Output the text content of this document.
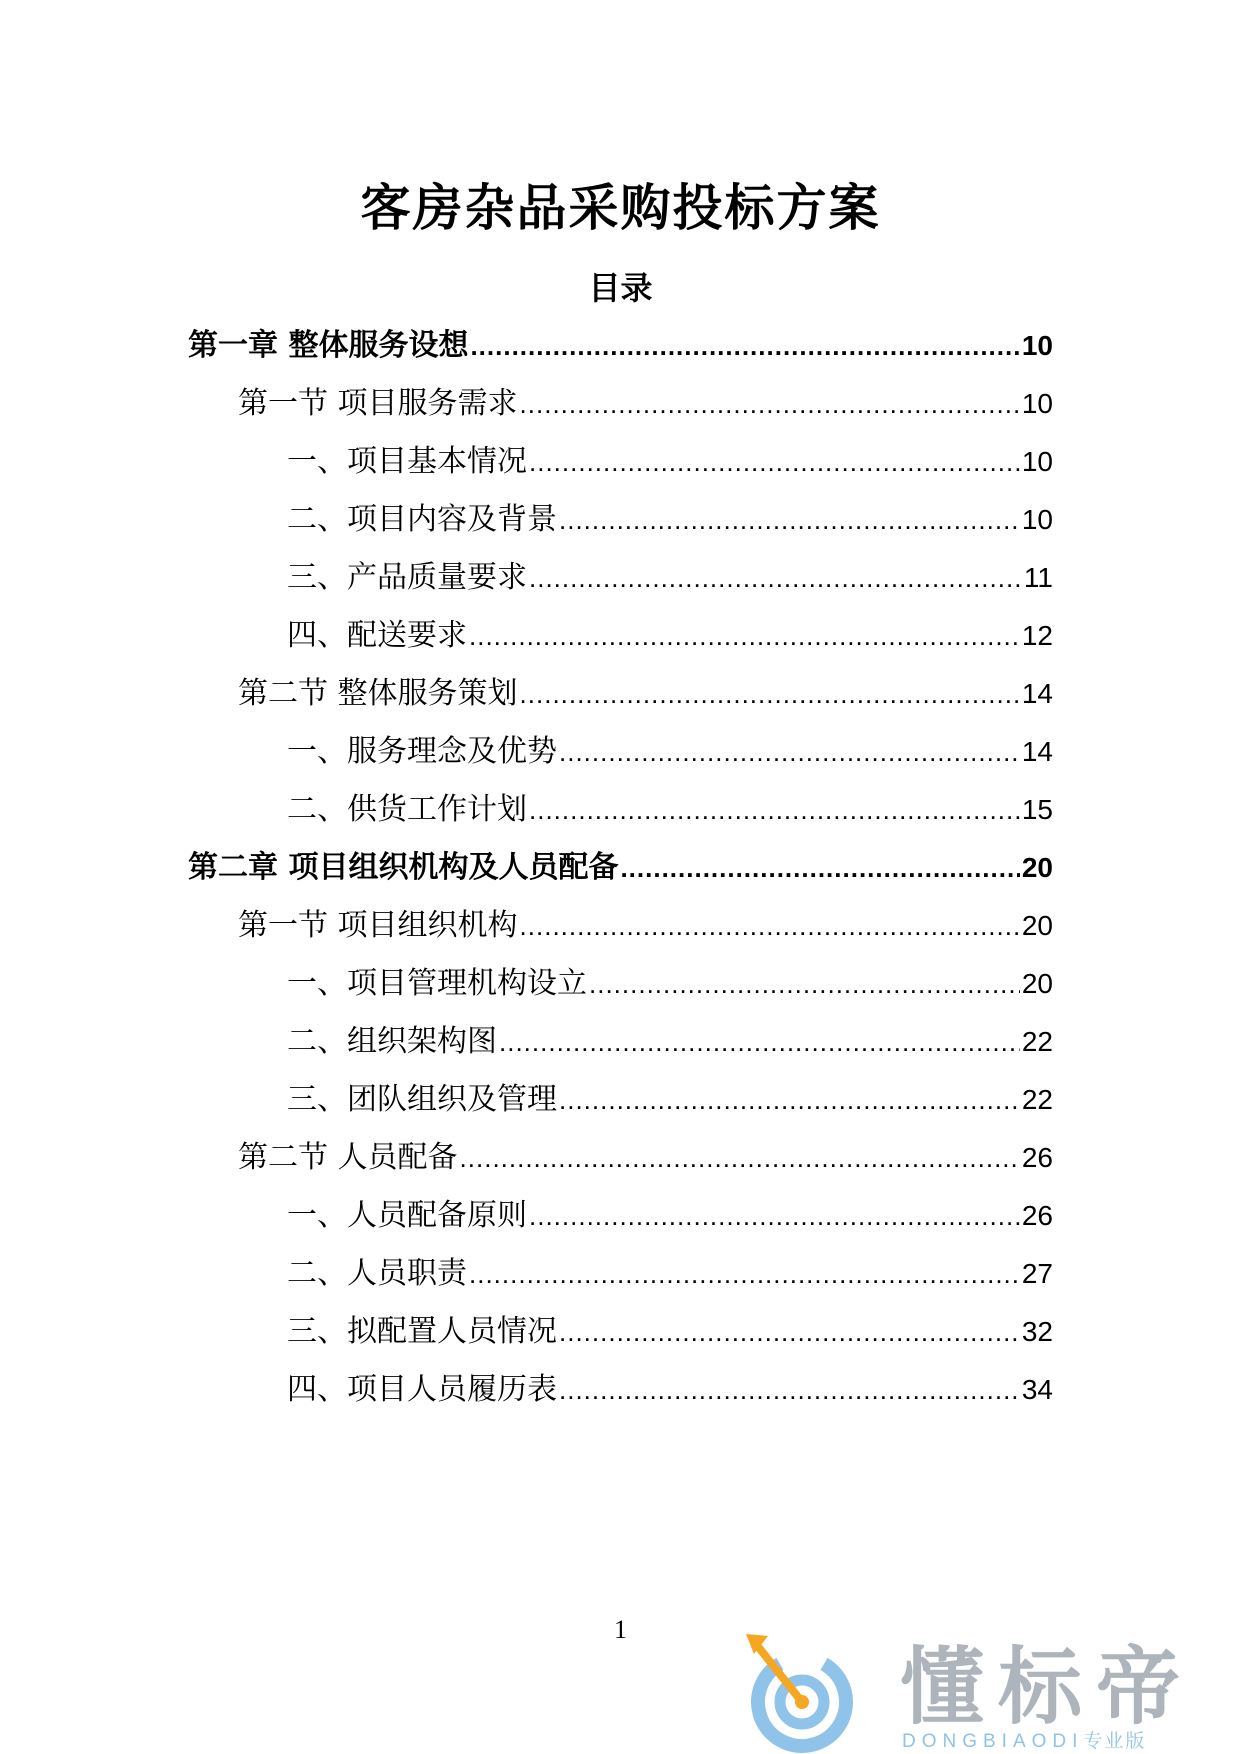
客房杂品采购投标方案
目录
第一章 整体服务设想 .....	10
第一节 项目服务需求 .....	10
一、项目基本情况 .....	10
二、项目内容及背景 .....	10
三、产品质量要求 .....	11
四、配送要求 .....	12
第二节 整体服务策划 .....	14
一、服务理念及优势 .....	14
二、供货工作计划 .....	15
第二章 项目组织机构及人员配备 .....	20
第一节 项目组织机构 .....	20
一、项目管理机构设立 .....	20
二、组织架构图 .....	22
三、团队组织及管理 .....	22
第二节 人员配备 .....	26
一、人员配备原则 .....	26
二、人员职责 .....	27
三、拟配置人员情况 .....	32
四、项目人员履历表 .....	34
1
懂标帝
DONGBIAODI专业版
